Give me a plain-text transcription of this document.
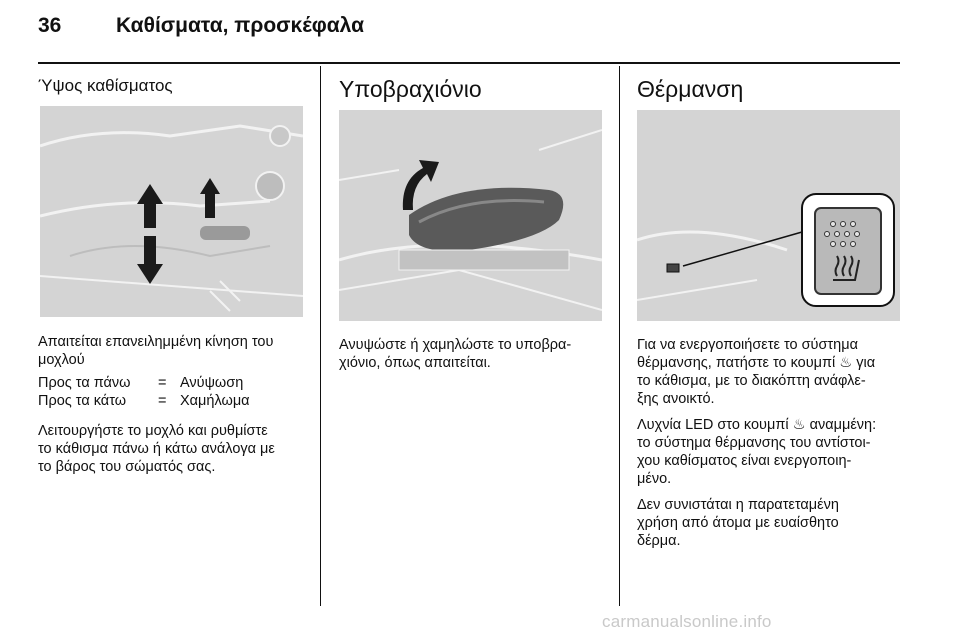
36	Καθίσματα, προσκέφαλα
Ύψος καθίσματος

Απαιτείται επανειλημμένη κίνηση του
μοχλού

Προς τα πάνω	= Ανύψωση
Προς τα κάτω	= Χαμήλωμα

Λειτουργήστε το μοχλό και ρυθμίστε
το κάθισμα πάνω ή κάτω ανάλογα με
το βάρος του σώματός σας.

Υποβραχιόνιο

Ανυψώστε ή χαμηλώστε το υποβρα-
χιόνιο, όπως απαιτείται.

Θέρμανση

Για να ενεργοποιήσετε το σύστημα
θέρμανσης, πατήστε το κουμπί ♨ για
το κάθισμα, με το διακόπτη ανάφλε-
ξης ανοικτό.

Λυχνία LED στο κουμπί ♨ αναμμένη:
το σύστημα θέρμανσης του αντίστοι-
χου καθίσματος είναι ενεργοποιη-
μένο.

Δεν συνιστάται η παρατεταμένη
χρήση από άτομα με ευαίσθητο
δέρμα.

carmanualsonline.info
